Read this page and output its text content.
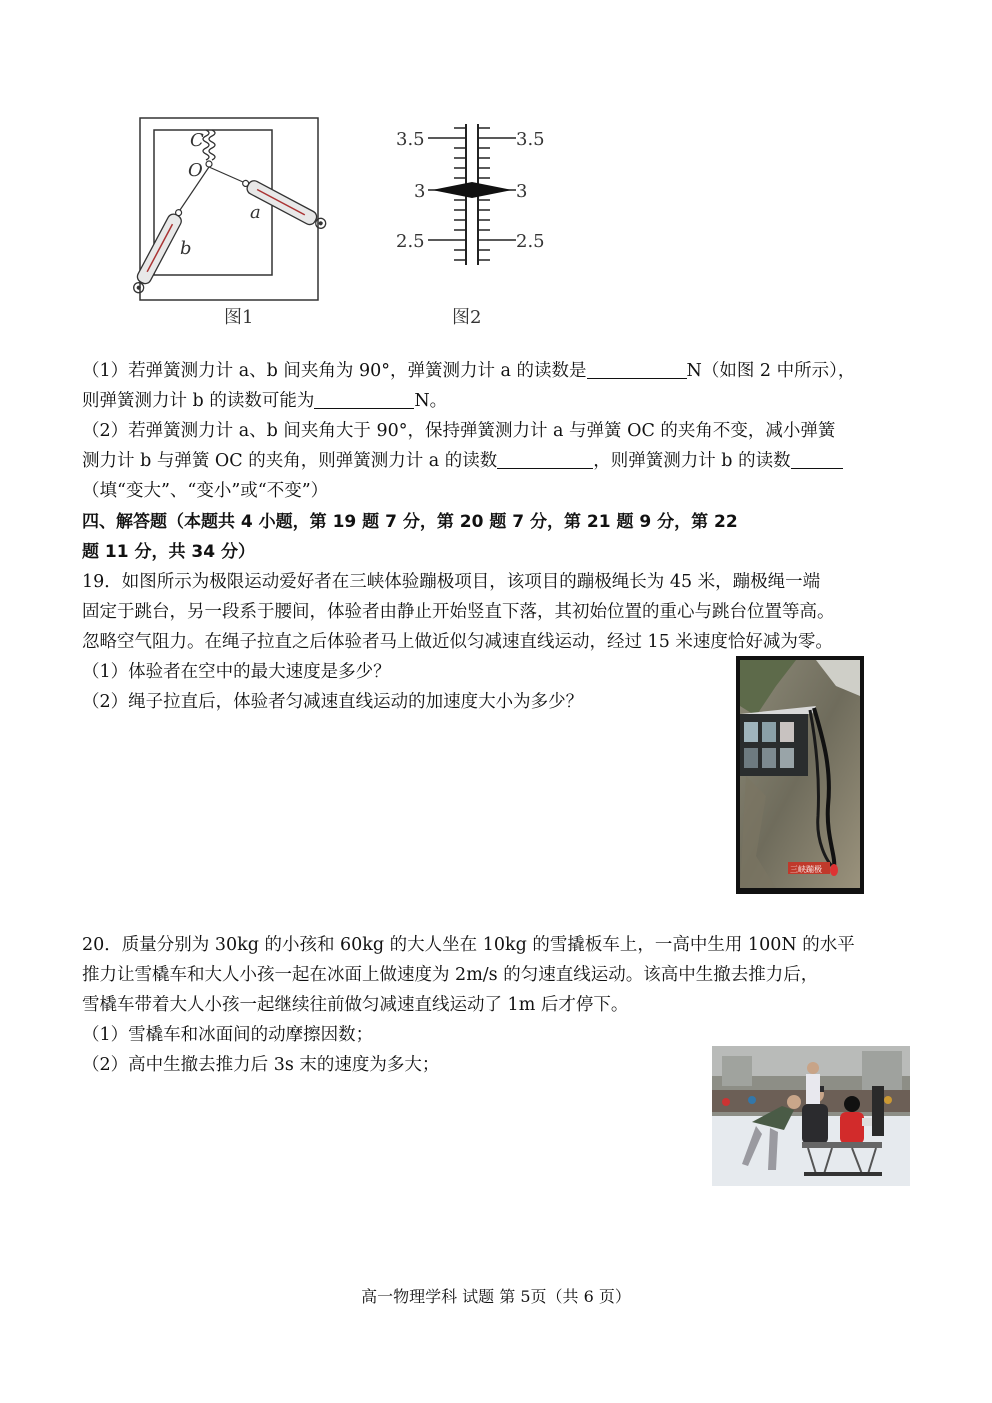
C
O
a
b
图1
3.5	3.5
3	3
2.5	2.5
图2
（1）若弹簧测力计 a、b 间夹角为 90°，弹簧测力计 a 的读数是	N（如图 2 中所示），
则弹簧测力计 b 的读数可能为	N。
（2）若弹簧测力计 a、b 间夹角大于 90°，保持弹簧测力计 a 与弹簧 OC 的夹角不变，减小弹簧
测力计 b 与弹簧 OC 的夹角，则弹簧测力计 a 的读数	，则弹簧测力计 b 的读数
（填“变大”、“变小”或“不变”）
四、解答题（本题共 4 小题，第 19 题 7 分，第 20 题 7 分，第 21 题 9 分，第 22
题 11 分，共 34 分）
19．如图所示为极限运动爱好者在三峡体验蹦极项目，该项目的蹦极绳长为 45 米，蹦极绳一端
固定于跳台，另一段系于腰间，体验者由静止开始竖直下落，其初始位置的重心与跳台位置等高。
忽略空气阻力。在绳子拉直之后体验者马上做近似匀减速直线运动，经过 15 米速度恰好减为零。
（1）体验者在空中的最大速度是多少？
（2）绳子拉直后，体验者匀减速直线运动的加速度大小为多少？
三峡蹦极
20．质量分别为 30kg 的小孩和 60kg 的大人坐在 10kg 的雪撬板车上，一高中生用 100N 的水平
推力让雪橇车和大人小孩一起在冰面上做速度为 2m/s 的匀速直线运动。该高中生撤去推力后，
雪橇车带着大人小孩一起继续往前做匀减速直线运动了 1m 后才停下。
（1）雪橇车和冰面间的动摩擦因数；
（2）高中生撤去推力后 3s 末的速度为多大；
高一物理学科 试题 第 5页（共 6 页）
